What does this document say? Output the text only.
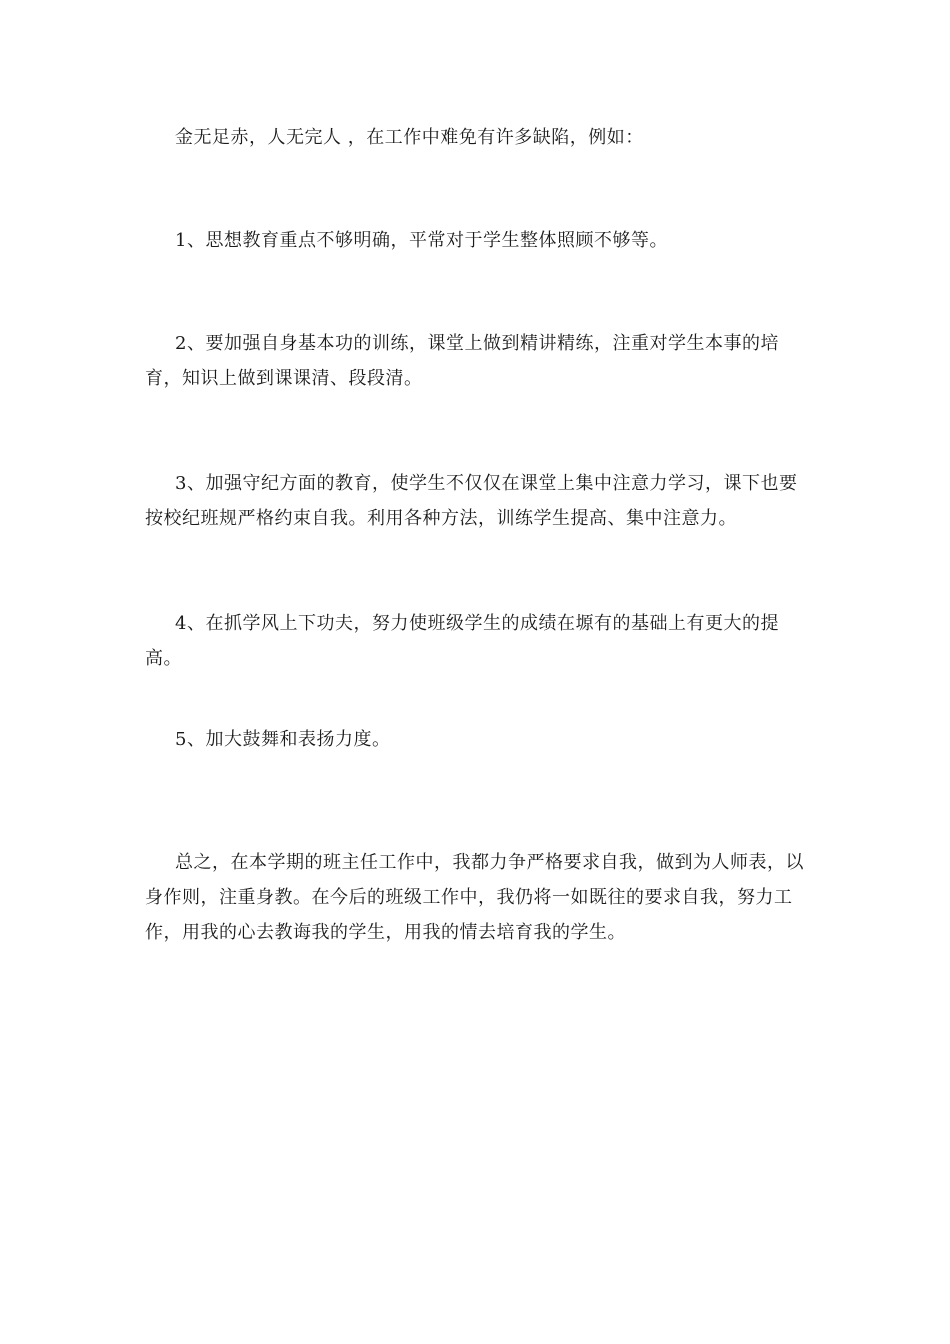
金无足赤，人无完人 ，在工作中难免有许多缺陷，例如：

1、思想教育重点不够明确，平常对于学生整体照顾不够等。

2、要加强自身基本功的训练，课堂上做到精讲精练，注重对学生本事的培育，知识上做到课课清、段段清。

3、加强守纪方面的教育，使学生不仅仅在课堂上集中注意力学习，课下也要按校纪班规严格约束自我。利用各种方法，训练学生提高、集中注意力。

4、在抓学风上下功夫，努力使班级学生的成绩在塬有的基础上有更大的提高。

5、加大鼓舞和表扬力度。

总之，在本学期的班主任工作中，我都力争严格要求自我，做到为人师表，以身作则，注重身教。在今后的班级工作中，我仍将一如既往的要求自我，努力工作，用我的心去教诲我的学生，用我的情去培育我的学生。
